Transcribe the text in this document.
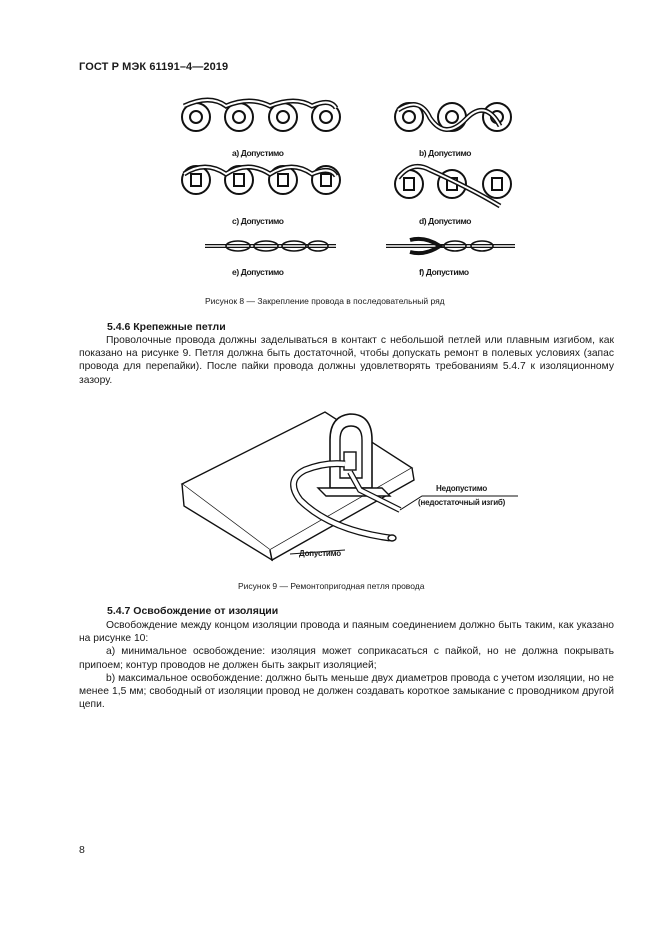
ГОСТ Р МЭК 61191–4—2019
a) Допустимо	b) Допустимо
c) Допустимо	d) Допустимо
e) Допустимо	f) Допустимо
Рисунок 8 — Закрепление провода в последовательный ряд
5.4.6 Крепежные петли

Проволочные провода должны заделываться в контакт с небольшой петлей или плавным изгибом, как показано на рисунке 9. Петля должна быть достаточной, чтобы допускать ремонт в полевых условиях (запас провода для перепайки). После пайки провода должны удовлетворять требованиям 5.4.7 к изоляционному зазору.

Недопустимо
(недостаточный изгиб)
Допустимо
Рисунок 9 — Ремонтопригодная петля провода
5.4.7 Освобождение от изоляции

Освобождение между концом изоляции провода и паяным соединением должно быть таким, как указано на рисунке 10:

а) минимальное освобождение: изоляция может соприкасаться с пайкой, но не должна покрывать припоем; контур проводов не должен быть закрыт изоляцией;

b) максимальное освобождение: должно быть меньше двух диаметров провода с учетом изоляции, но не менее 1,5 мм; свободный от изоляции провод не должен создавать короткое замыкание с проводником другой цепи.

8
